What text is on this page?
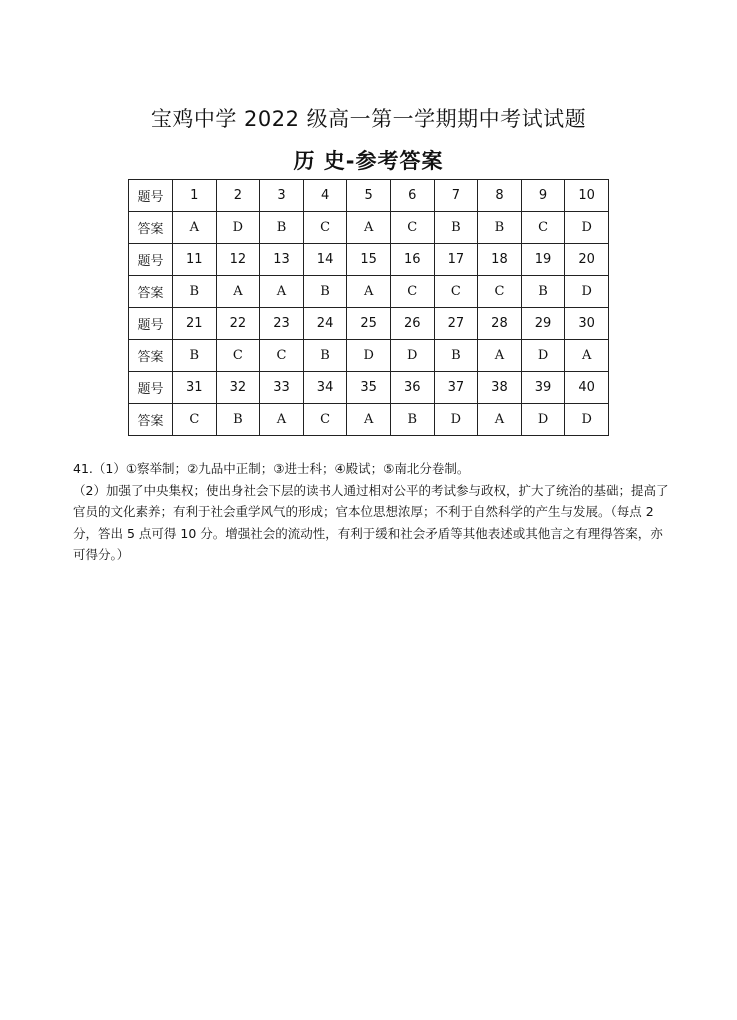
宝鸡中学 2022 级高一第一学期期中考试试题
历 史-参考答案
题号	1	2	3	4	5	6	7	8	9	10
答案	A	D	B	C	A	C	B	B	C	D
题号	11	12	13	14	15	16	17	18	19	20
答案	B	A	A	B	A	C	C	C	B	D
题号	21	22	23	24	25	26	27	28	29	30
答案	B	C	C	B	D	D	B	A	D	A
题号	31	32	33	34	35	36	37	38	39	40
答案	C	B	A	C	A	B	D	A	D	D

41.（1）①察举制；②九品中正制；③进士科；④殿试；⑤南北分卷制。

（2）加强了中央集权；使出身社会下层的读书人通过相对公平的考试参与政权，扩大了统治的基础；提高了官员的文化素养；有利于社会重学风气的形成；官本位思想浓厚；不利于自然科学的产生与发展。（每点 2 分，答出 5 点可得 10 分。增强社会的流动性，有利于缓和社会矛盾等其他表述或其他言之有理得答案，亦可得分。）
